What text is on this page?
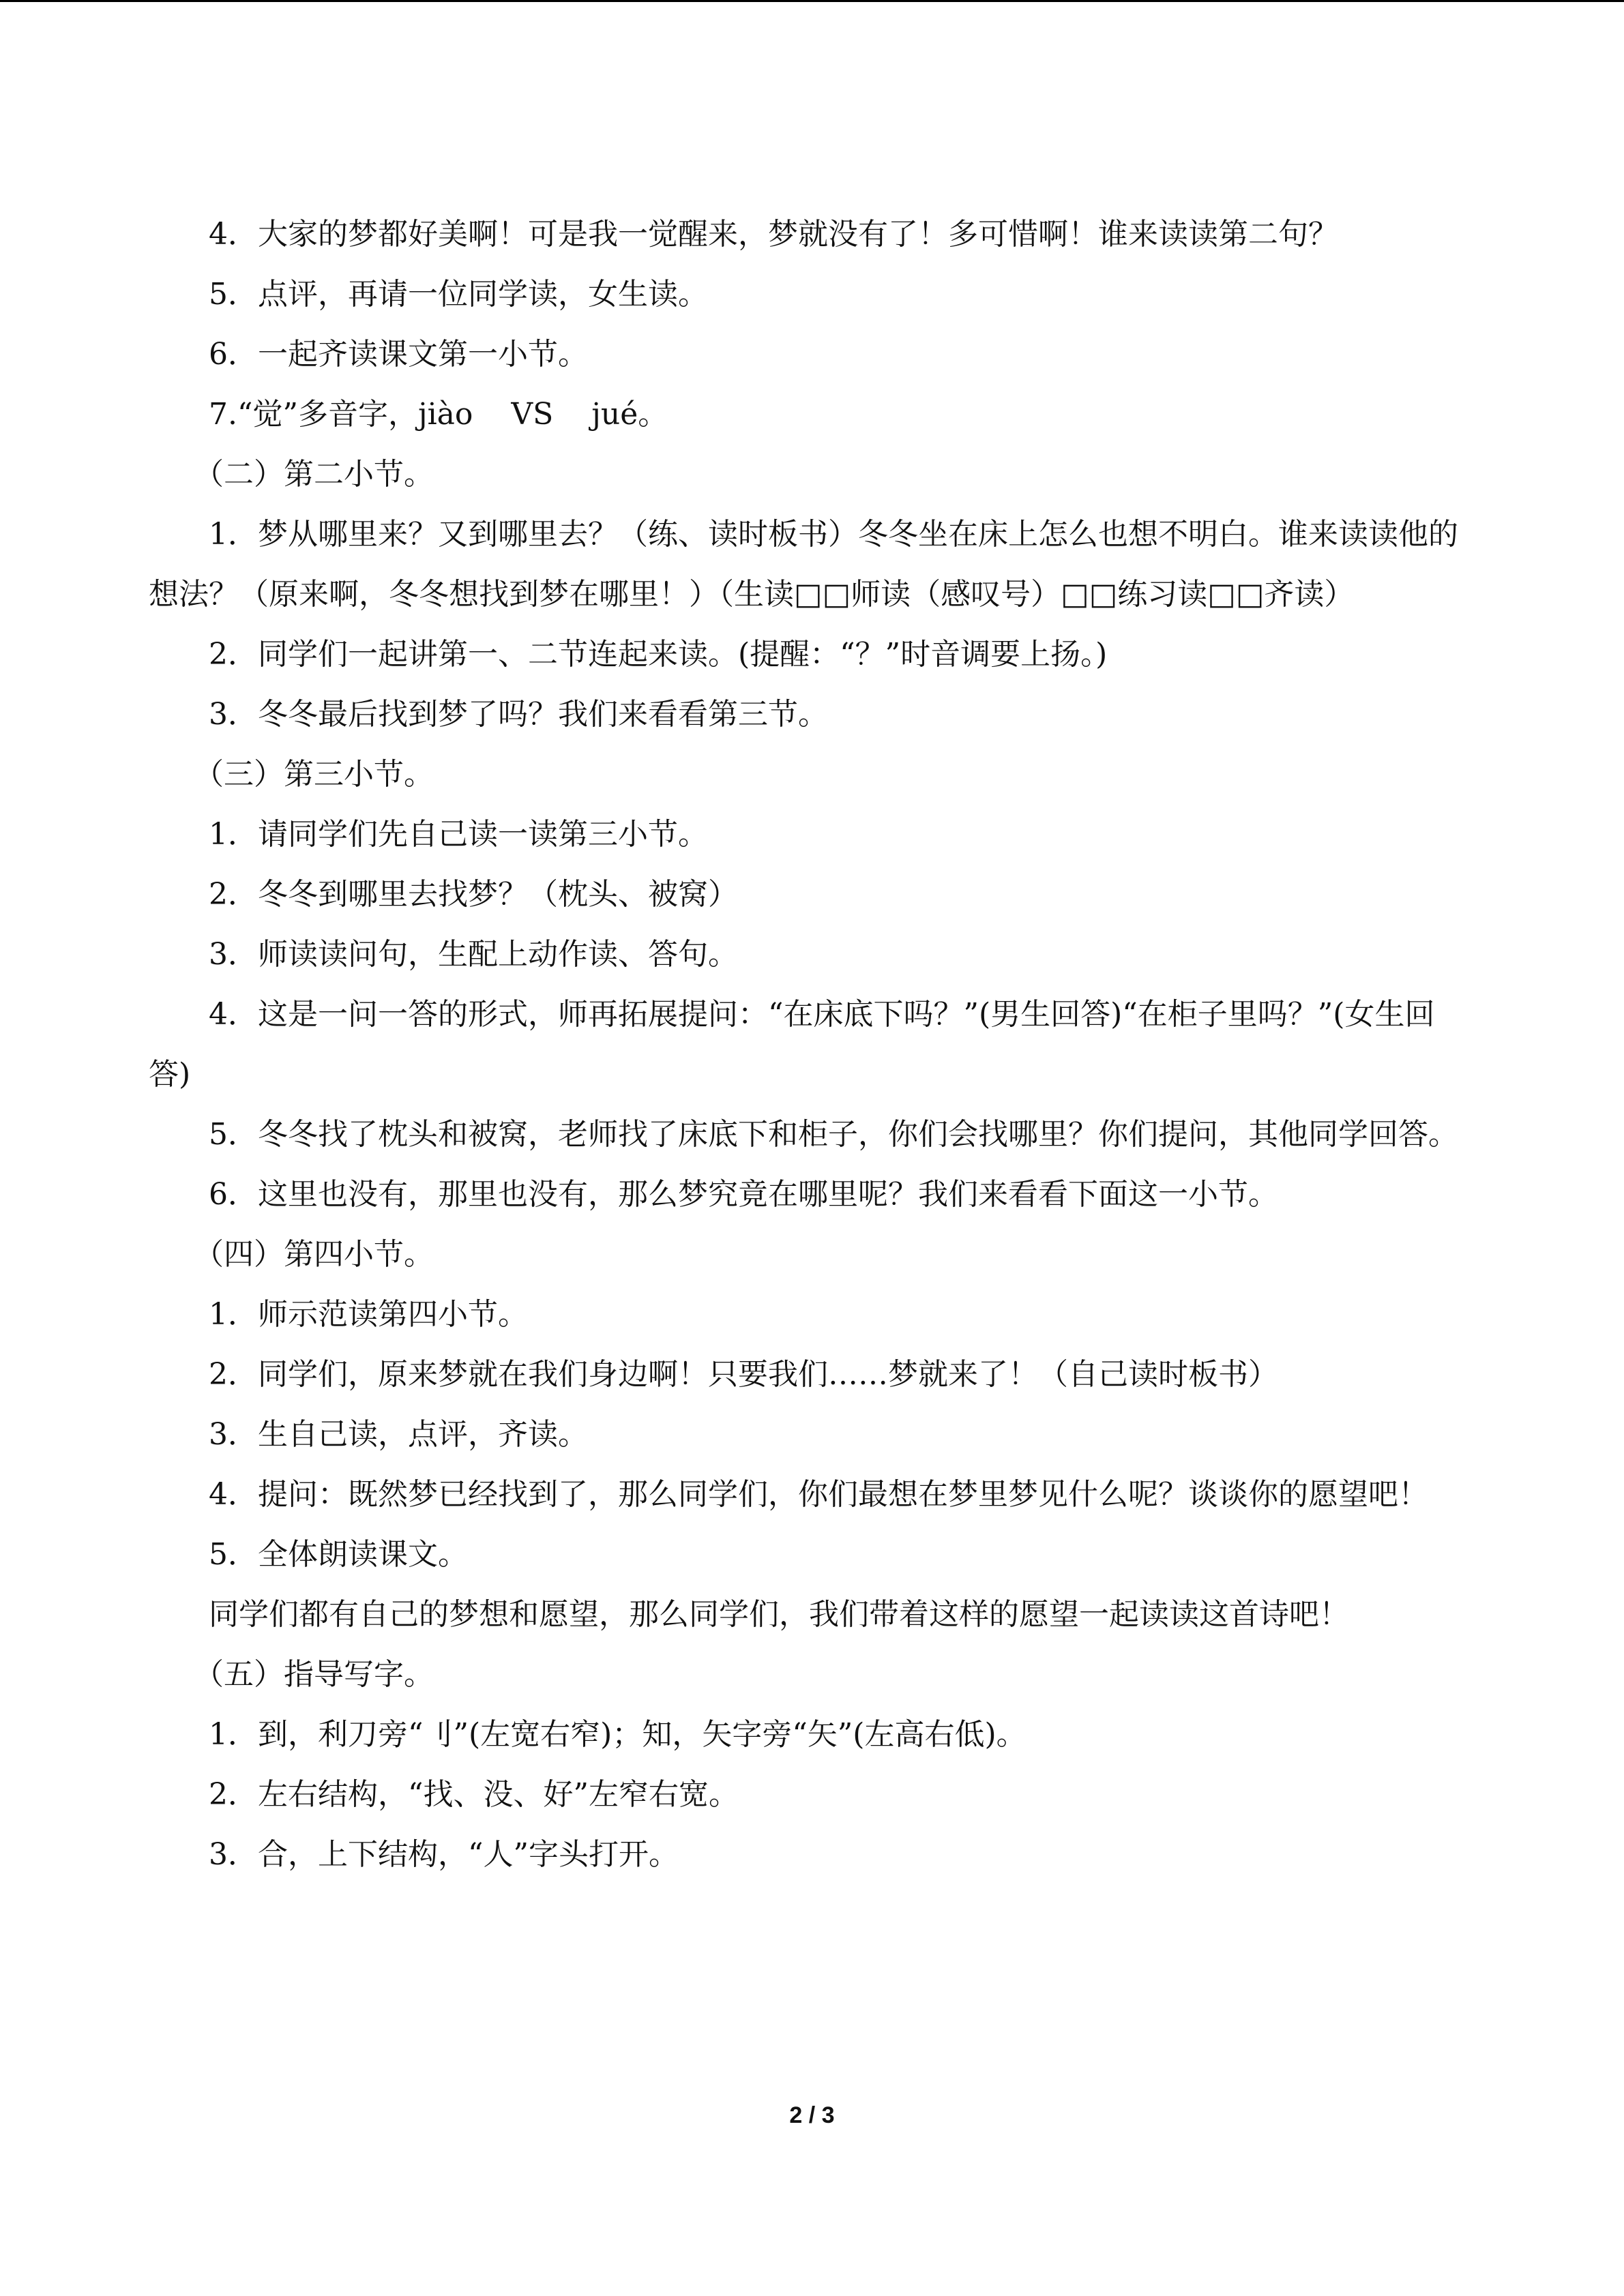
4．大家的梦都好美啊！可是我一觉醒来，梦就没有了！多可惜啊！谁来读读第二句？

5．点评，再请一位同学读，女生读。

6．一起齐读课文第一小节。

7.“觉”多音字，jiào    VS    jué。

（二）第二小节。

1．梦从哪里来？又到哪里去？（练、读时板书）冬冬坐在床上怎么也想不明白。谁来读读他的想法？（原来啊，冬冬想找到梦在哪里！）（生读□□师读（感叹号）□□练习读□□齐读）

2．同学们一起讲第一、二节连起来读。(提醒：“？”时音调要上扬。)

3．冬冬最后找到梦了吗？我们来看看第三节。

（三）第三小节。

1．请同学们先自己读一读第三小节。

2．冬冬到哪里去找梦？（枕头、被窝）

3．师读读问句，生配上动作读、答句。

4．这是一问一答的形式，师再拓展提问：“在床底下吗？”(男生回答)“在柜子里吗？”(女生回答)

5．冬冬找了枕头和被窝，老师找了床底下和柜子，你们会找哪里？你们提问，其他同学回答。

6．这里也没有，那里也没有，那么梦究竟在哪里呢？我们来看看下面这一小节。

（四）第四小节。

1．师示范读第四小节。

2．同学们，原来梦就在我们身边啊！只要我们……梦就来了！（自己读时板书）

3．生自己读，点评，齐读。

4．提问：既然梦已经找到了，那么同学们，你们最想在梦里梦见什么呢？谈谈你的愿望吧！

5．全体朗读课文。

同学们都有自己的梦想和愿望，那么同学们，我们带着这样的愿望一起读读这首诗吧！

（五）指导写字。

1．到，利刀旁“刂”(左宽右窄)；知，矢字旁“矢”(左高右低)。

2．左右结构，“找、没、好”左窄右宽。

3．合，上下结构，“人”字头打开。

2 / 3
